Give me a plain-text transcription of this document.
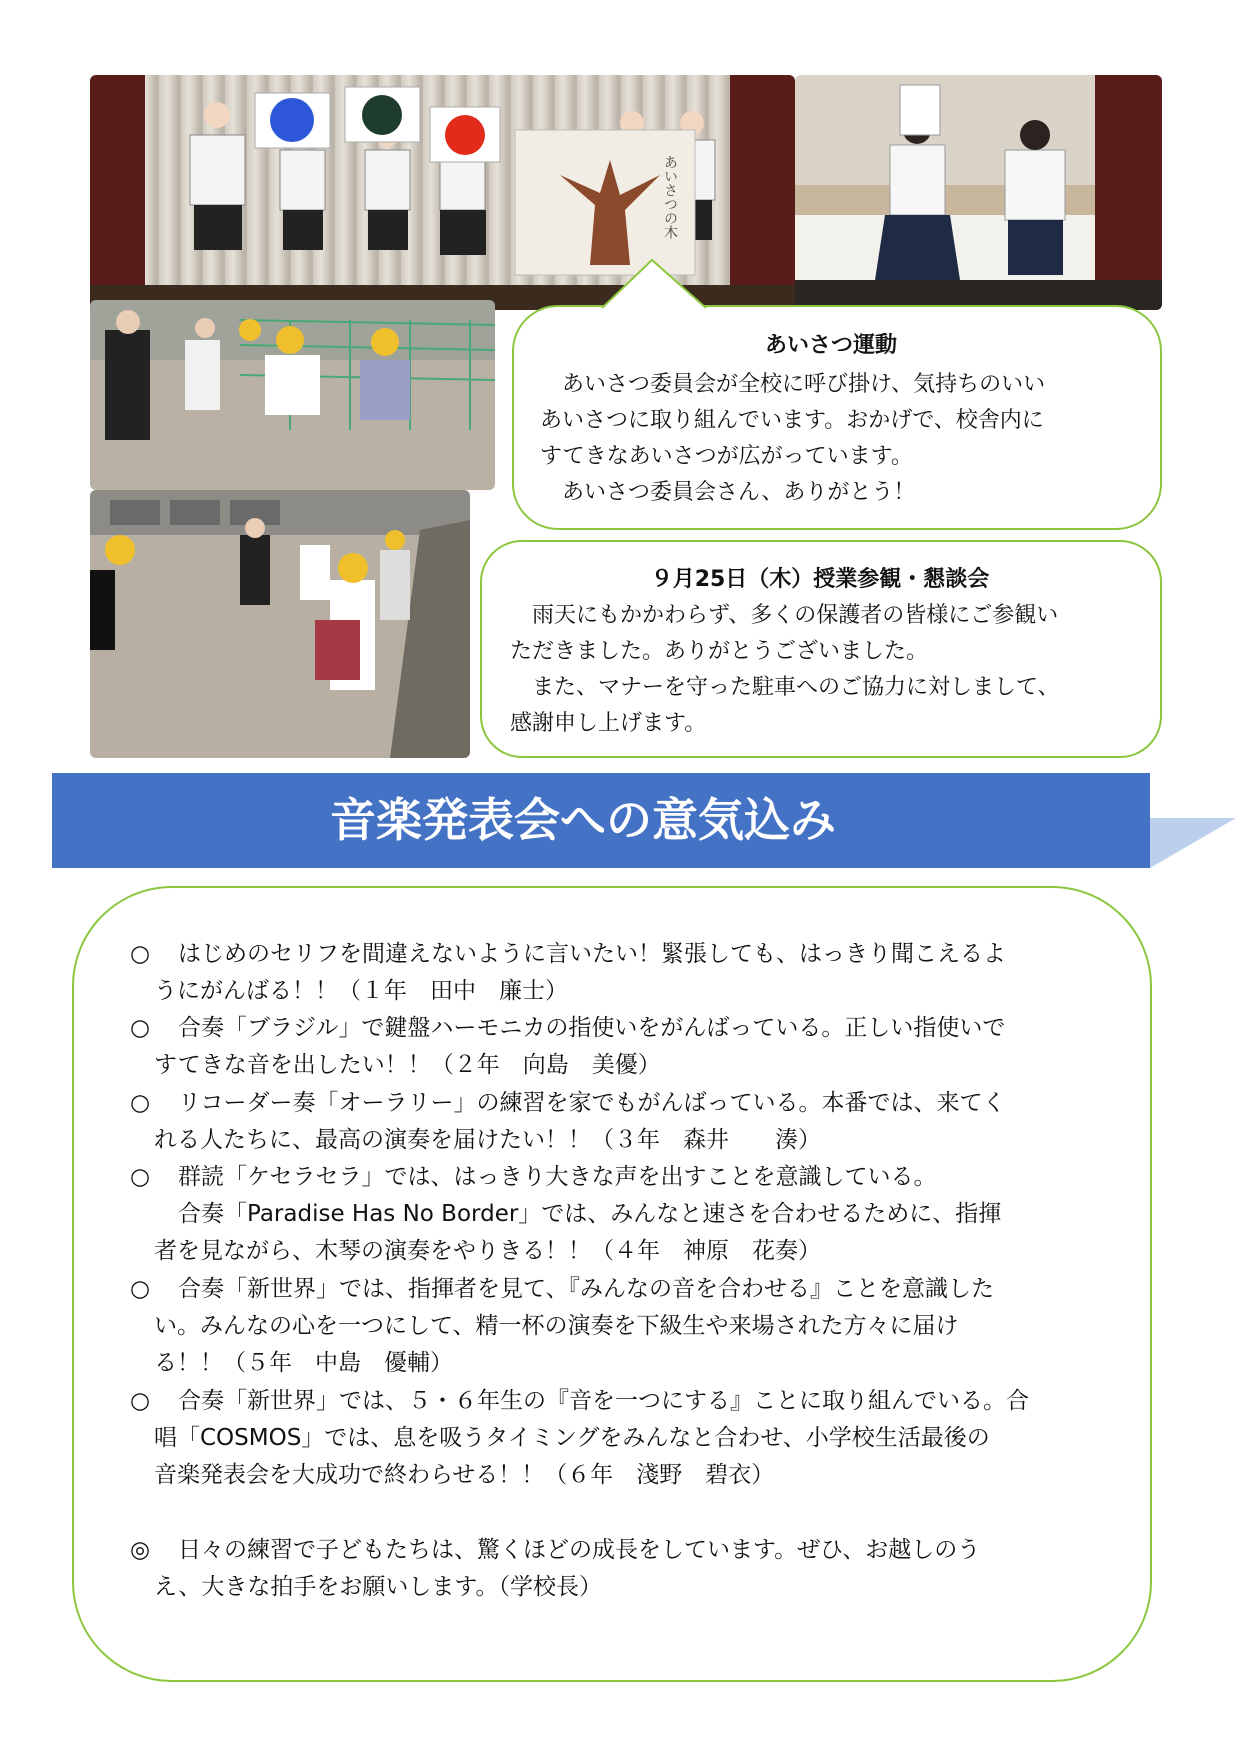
あいさつの木
あいさつ運動

あいさつ委員会が全校に呼び掛け、気持ちのいい

あいさつに取り組んでいます。おかげで、校舎内に

すてきなあいさつが広がっています。

あいさつ委員会さん、ありがとう！

９月25日（木）授業参観・懇談会

雨天にもかかわらず、多くの保護者の皆様にご参観い

ただきました。ありがとうございました。

また、マナーを守った駐車へのご協力に対しまして、

感謝申し上げます。

音楽発表会への意気込み
○ はじめのセリフを間違えないように言いたい！緊張しても、はっきり聞こえるよ
うにがんばる！！（１年　田中　廉士）
○ 合奏「ブラジル」で鍵盤ハーモニカの指使いをがんばっている。正しい指使いで
すてきな音を出したい！！（２年　向島　美優）
○ リコーダー奏「オーラリー」の練習を家でもがんばっている。本番では、来てく
れる人たちに、最高の演奏を届けたい！！（３年　森井　　湊）
○ 群読「ケセラセラ」では、はっきり大きな声を出すことを意識している。
合奏「Paradise Has No Border」では、みんなと速さを合わせるために、指揮
者を見ながら、木琴の演奏をやりきる！！（４年　神原　花奏）
○ 合奏「新世界」では、指揮者を見て、『みんなの音を合わせる』ことを意識した
い。みんなの心を一つにして、精一杯の演奏を下級生や来場された方々に届け
る！！（５年　中島　優輔）
○ 合奏「新世界」では、５・６年生の『音を一つにする』ことに取り組んでいる。合
唱「COSMOS」では、息を吸うタイミングをみんなと合わせ、小学校生活最後の
音楽発表会を大成功で終わらせる！！（６年　淺野　碧衣）
◎ 日々の練習で子どもたちは、驚くほどの成長をしています。ぜひ、お越しのう
え、大きな拍手をお願いします。（学校長）
